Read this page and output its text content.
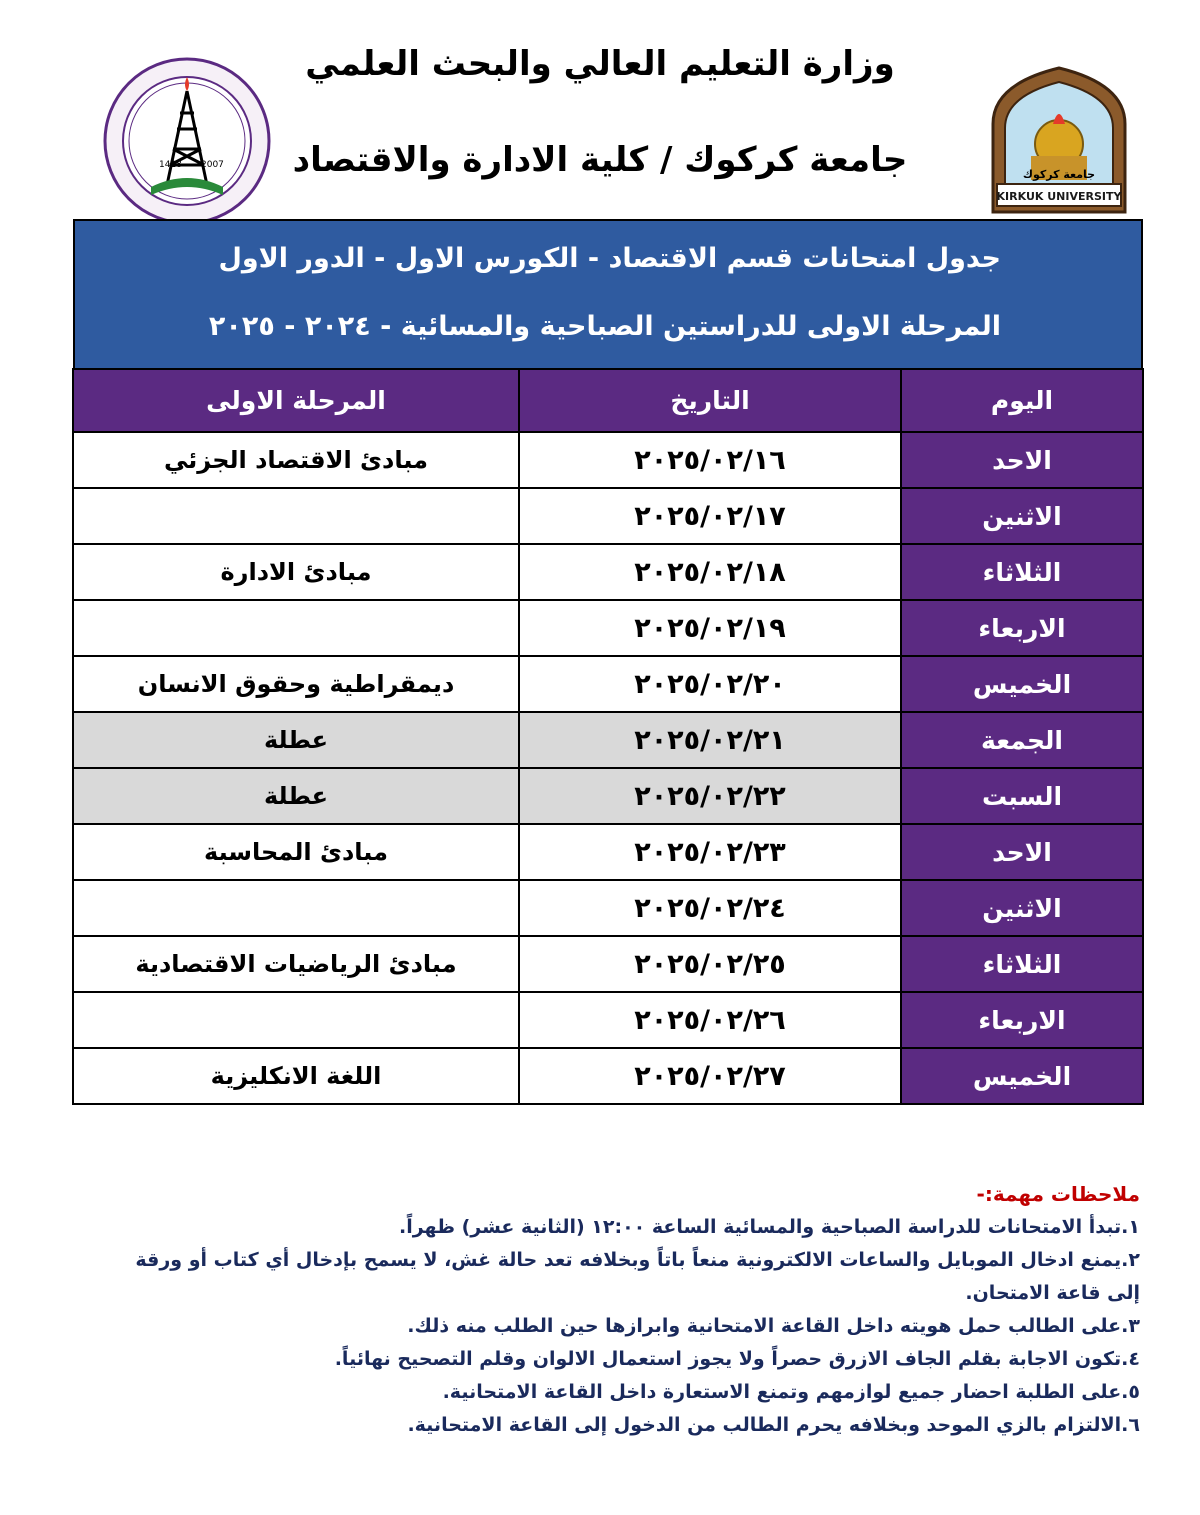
وزارة التعليم العالي والبحث العلمي
جامعة كركوك / كلية الادارة والاقتصاد	جامعة كركوك
KIRKUK UNIVERSITY
1428 2007
جدول امتحانات قسم الاقتصاد - الكورس الاول - الدور الاول
المرحلة الاولى للدراستين الصباحية والمسائية - ٢٠٢٤ - ٢٠٢٥
اليوم	التاريخ	المرحلة الاولى
الاحد	٢٠٢٥/٠٢/١٦	مبادئ الاقتصاد الجزئي
الاثنين	٢٠٢٥/٠٢/١٧	
الثلاثاء	٢٠٢٥/٠٢/١٨	مبادئ الادارة
الاربعاء	٢٠٢٥/٠٢/١٩	
الخميس	٢٠٢٥/٠٢/٢٠	ديمقراطية وحقوق الانسان
الجمعة	٢٠٢٥/٠٢/٢١	عطلة
السبت	٢٠٢٥/٠٢/٢٢	عطلة
الاحد	٢٠٢٥/٠٢/٢٣	مبادئ المحاسبة
الاثنين	٢٠٢٥/٠٢/٢٤	
الثلاثاء	٢٠٢٥/٠٢/٢٥	مبادئ الرياضيات الاقتصادية
الاربعاء	٢٠٢٥/٠٢/٢٦	
الخميس	٢٠٢٥/٠٢/٢٧	اللغة الانكليزية
ملاحظات مهمة:-
١.تبدأ الامتحانات للدراسة الصباحية والمسائية الساعة ١٢:٠٠ (الثانية عشر) ظهراً.
٢.يمنع ادخال الموبايل والساعات الالكترونية منعاً باتاً وبخلافه تعد حالة غش، لا يسمح بإدخال أي كتاب أو ورقة إلى قاعة الامتحان.
٣.على الطالب حمل هويته داخل القاعة الامتحانية وابرازها حين الطلب منه ذلك.
٤.تكون الاجابة بقلم الجاف الازرق حصراً ولا يجوز استعمال الالوان وقلم التصحيح نهائياً.
٥.على الطلبة احضار جميع لوازمهم وتمنع الاستعارة داخل القاعة الامتحانية.
٦.الالتزام بالزي الموحد وبخلافه يحرم الطالب من الدخول إلى القاعة الامتحانية.
